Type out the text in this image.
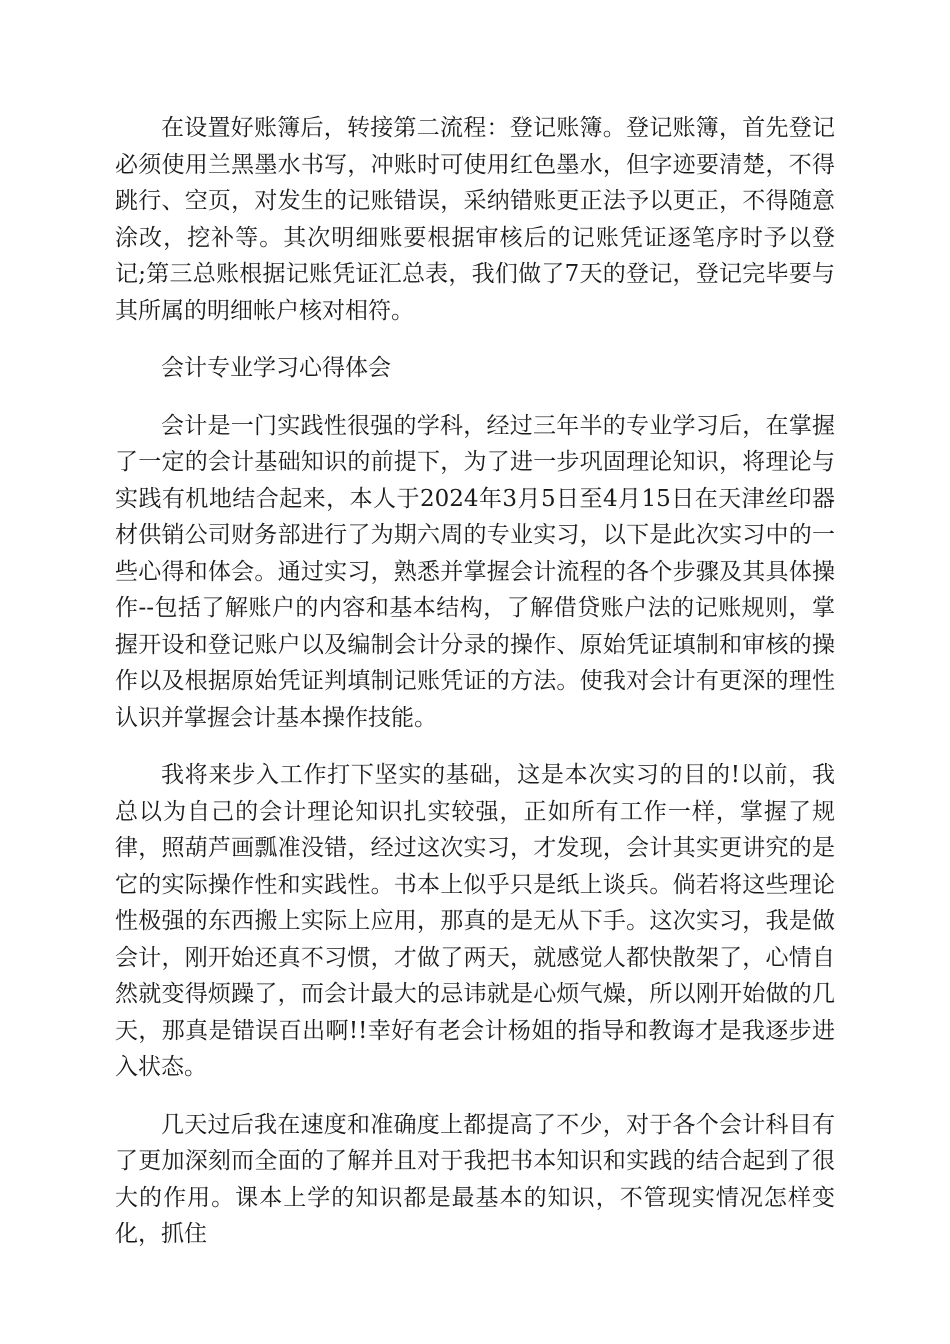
在设置好账簿后，转接第二流程：登记账簿。登记账簿，首先登记必须使用兰黑墨水书写，冲账时可使用红色墨水，但字迹要清楚，不得跳行、空页，对发生的记账错误，采纳错账更正法予以更正，不得随意涂改，挖补等。其次明细账要根据审核后的记账凭证逐笔序时予以登记;第三总账根据记账凭证汇总表，我们做了7天的登记，登记完毕要与其所属的明细帐户核对相符。

会计专业学习心得体会

会计是一门实践性很强的学科，经过三年半的专业学习后，在掌握了一定的会计基础知识的前提下，为了进一步巩固理论知识，将理论与实践有机地结合起来，本人于2024年3月5日至4月15日在天津丝印器材供销公司财务部进行了为期六周的专业实习，以下是此次实习中的一些心得和体会。通过实习，熟悉并掌握会计流程的各个步骤及其具体操作--包括了解账户的内容和基本结构，了解借贷账户法的记账规则，掌握开设和登记账户以及编制会计分录的操作、原始凭证填制和审核的操作以及根据原始凭证判填制记账凭证的方法。使我对会计有更深的理性认识并掌握会计基本操作技能。

我将来步入工作打下坚实的基础，这是本次实习的目的!以前，我总以为自己的会计理论知识扎实较强，正如所有工作一样，掌握了规律，照葫芦画瓢准没错，经过这次实习，才发现，会计其实更讲究的是它的实际操作性和实践性。书本上似乎只是纸上谈兵。倘若将这些理论性极强的东西搬上实际上应用，那真的是无从下手。这次实习，我是做会计，刚开始还真不习惯，才做了两天，就感觉人都快散架了，心情自然就变得烦躁了，而会计最大的忌讳就是心烦气燥，所以刚开始做的几天，那真是错误百出啊!!幸好有老会计杨姐的指导和教诲才是我逐步进入状态。

几天过后我在速度和准确度上都提高了不少，对于各个会计科目有了更加深刻而全面的了解并且对于我把书本知识和实践的结合起到了很大的作用。课本上学的知识都是最基本的知识，不管现实情况怎样变化，抓住
